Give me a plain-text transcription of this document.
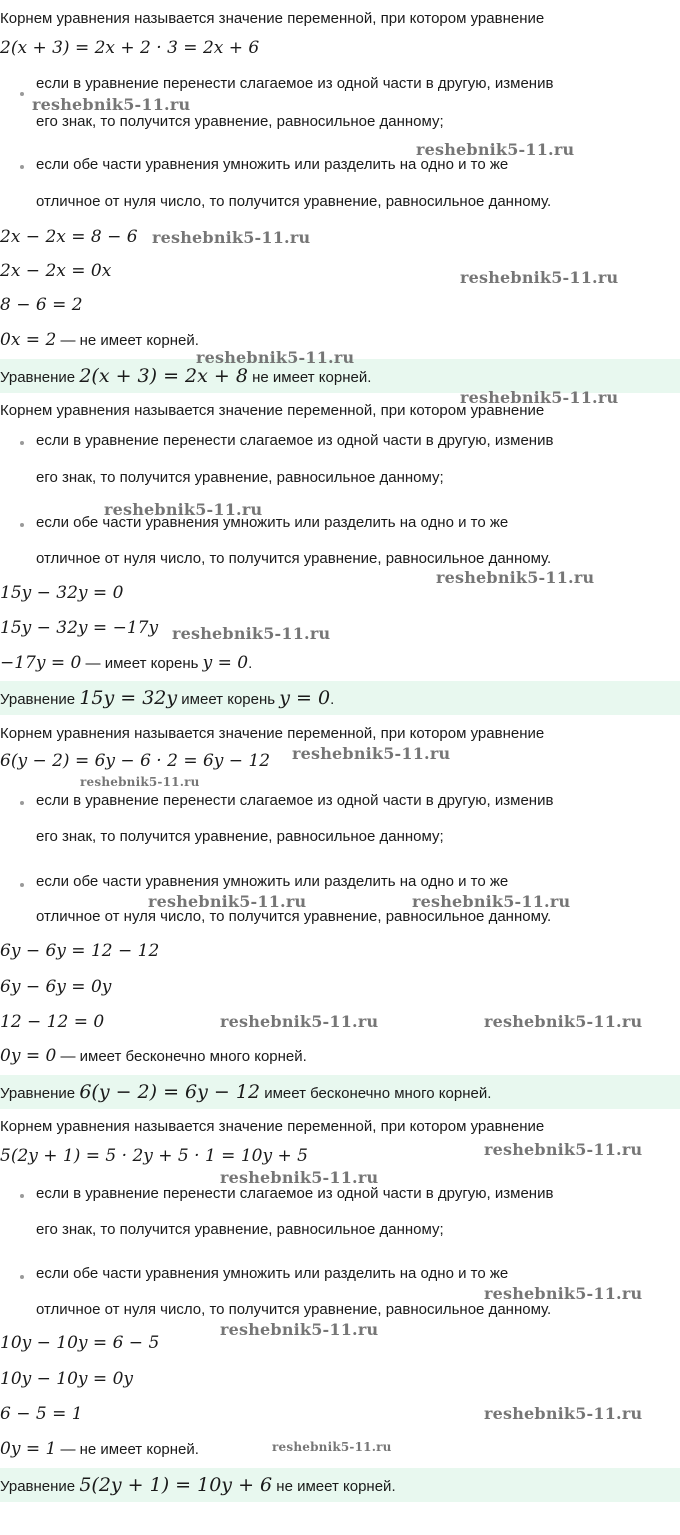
Корнем уравнения называется значение переменной, при котором уравнение
2(x + 3) = 2x + 2 · 3 = 2x + 6
если в уравнение перенести слагаемое из одной части в другую, изменив
его знак, то получится уравнение, равносильное данному;
если обе части уравнения умножить или разделить на одно и то же
отличное от нуля число, то получится уравнение, равносильное данному.
2x − 2x = 8 − 6
2x − 2x = 0x
8 − 6 = 2
0x = 2 — не имеет корней.
Уравнение 2(x + 3) = 2x + 8 не имеет корней.
Корнем уравнения называется значение переменной, при котором уравнение
если в уравнение перенести слагаемое из одной части в другую, изменив
его знак, то получится уравнение, равносильное данному;
если обе части уравнения умножить или разделить на одно и то же
отличное от нуля число, то получится уравнение, равносильное данному.
15y − 32y = 0
15y − 32y = −17y
−17y = 0 — имеет корень y = 0.
Уравнение 15y = 32y имеет корень y = 0.
Корнем уравнения называется значение переменной, при котором уравнение
6(y − 2) = 6y − 6 · 2 = 6y − 12
если в уравнение перенести слагаемое из одной части в другую, изменив
его знак, то получится уравнение, равносильное данному;
если обе части уравнения умножить или разделить на одно и то же
отличное от нуля число, то получится уравнение, равносильное данному.
6y − 6y = 12 − 12
6y − 6y = 0y
12 − 12 = 0
0y = 0 — имеет бесконечно много корней.
Уравнение 6(y − 2) = 6y − 12 имеет бесконечно много корней.
Корнем уравнения называется значение переменной, при котором уравнение
5(2y + 1) = 5 · 2y + 5 · 1 = 10y + 5
если в уравнение перенести слагаемое из одной части в другую, изменив
его знак, то получится уравнение, равносильное данному;
если обе части уравнения умножить или разделить на одно и то же
отличное от нуля число, то получится уравнение, равносильное данному.
10y − 10y = 6 − 5
10y − 10y = 0y
6 − 5 = 1
0y = 1 — не имеет корней.
Уравнение 5(2y + 1) = 10y + 6 не имеет корней.
reshebnik5-11.ru
reshebnik5-11.ru
reshebnik5-11.ru
reshebnik5-11.ru
reshebnik5-11.ru
reshebnik5-11.ru
reshebnik5-11.ru
reshebnik5-11.ru
reshebnik5-11.ru
reshebnik5-11.ru
reshebnik5-11.ru
reshebnik5-11.ru	reshebnik5-11.ru
reshebnik5-11.ru	reshebnik5-11.ru
reshebnik5-11.ru
reshebnik5-11.ru
reshebnik5-11.ru
reshebnik5-11.ru
reshebnik5-11.ru
reshebnik5-11.ru
